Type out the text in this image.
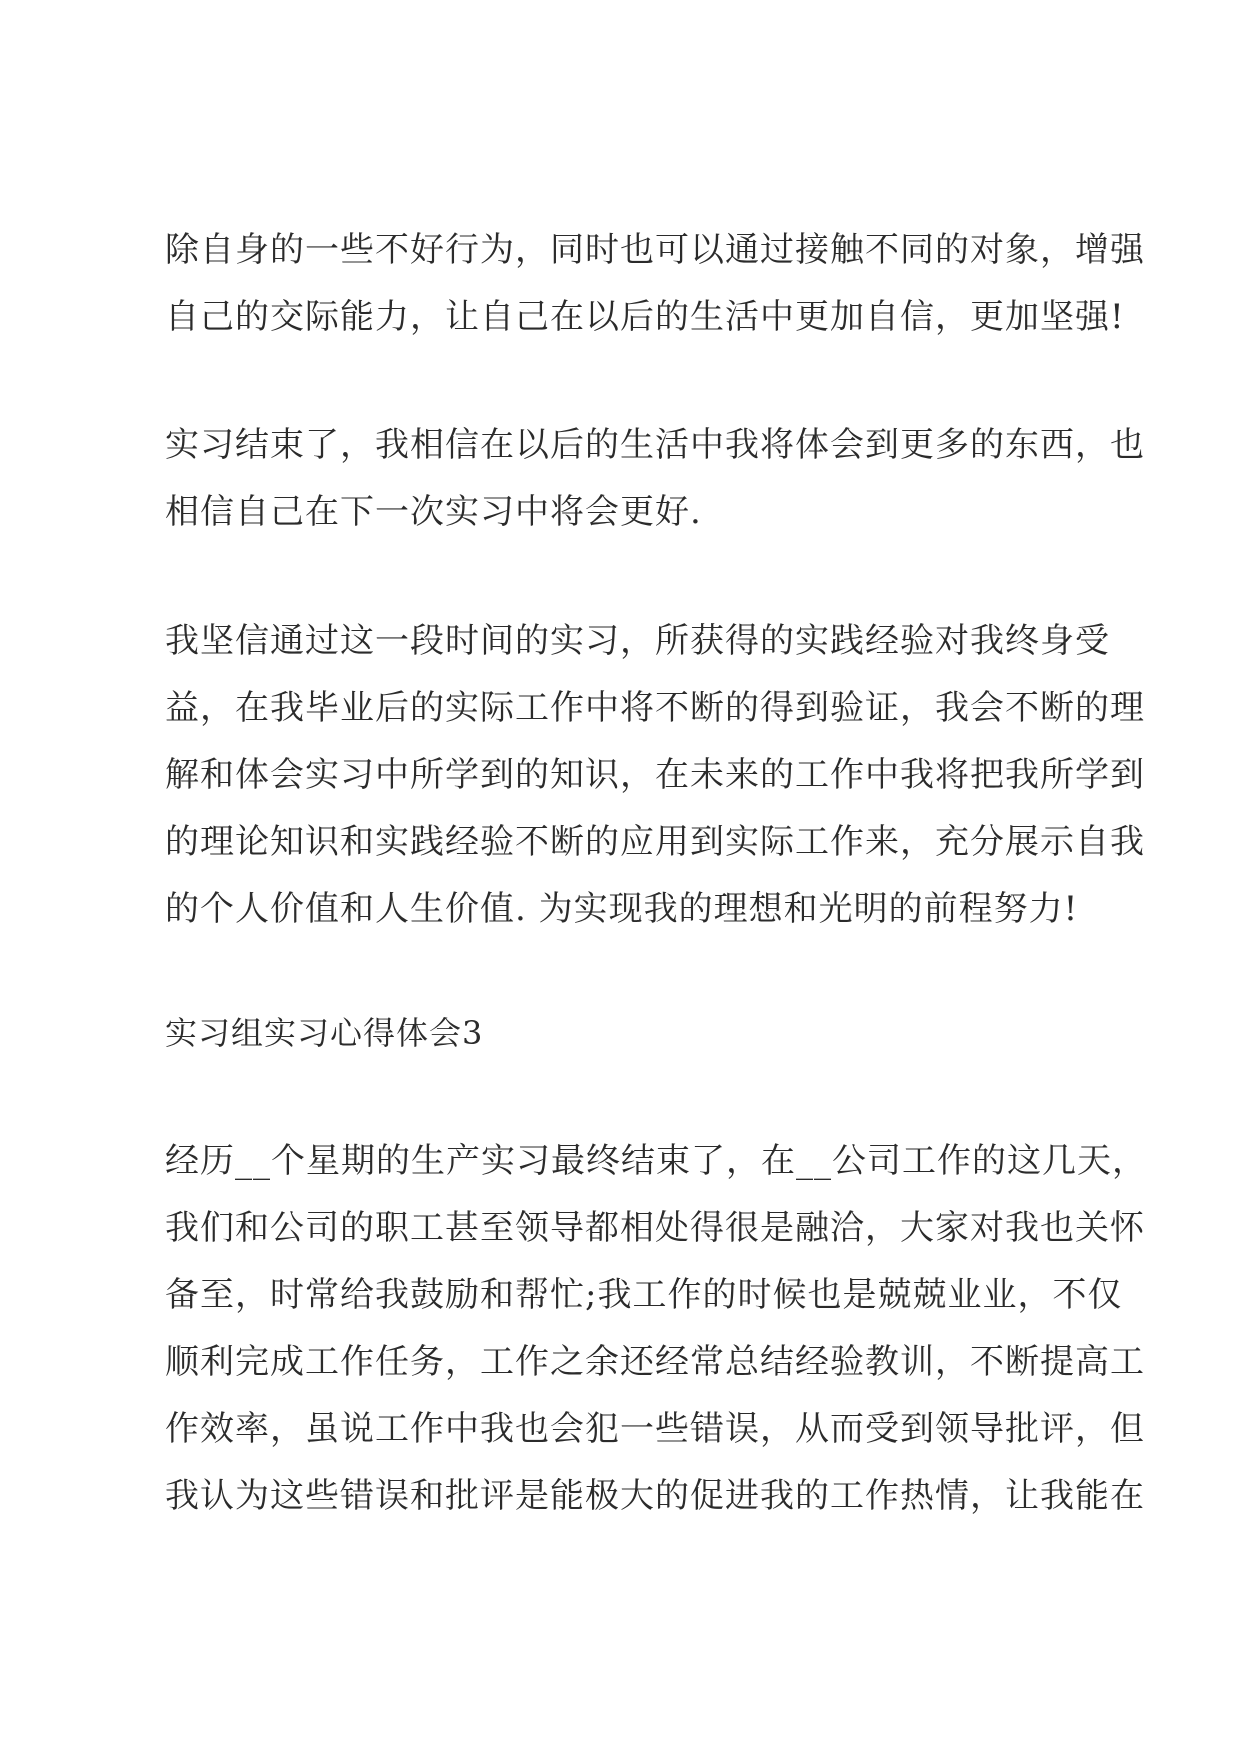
除自身的一些不好行为，同时也可以通过接触不同的对象，增强

自己的交际能力，让自己在以后的生活中更加自信，更加坚强!

实习结束了，我相信在以后的生活中我将体会到更多的东西，也

相信自己在下一次实习中将会更好.

我坚信通过这一段时间的实习，所获得的实践经验对我终身受

益，在我毕业后的实际工作中将不断的得到验证，我会不断的理

解和体会实习中所学到的知识，在未来的工作中我将把我所学到

的理论知识和实践经验不断的应用到实际工作来，充分展示自我

的个人价值和人生价值. 为实现我的理想和光明的前程努力!

实习组实习心得体会3

经历__个星期的生产实习最终结束了，在__公司工作的这几天，

我们和公司的职工甚至领导都相处得很是融洽，大家对我也关怀

备至，时常给我鼓励和帮忙;我工作的时候也是兢兢业业，不仅

顺利完成工作任务，工作之余还经常总结经验教训，不断提高工

作效率，虽说工作中我也会犯一些错误，从而受到领导批评，但

我认为这些错误和批评是能极大的促进我的工作热情，让我能在
